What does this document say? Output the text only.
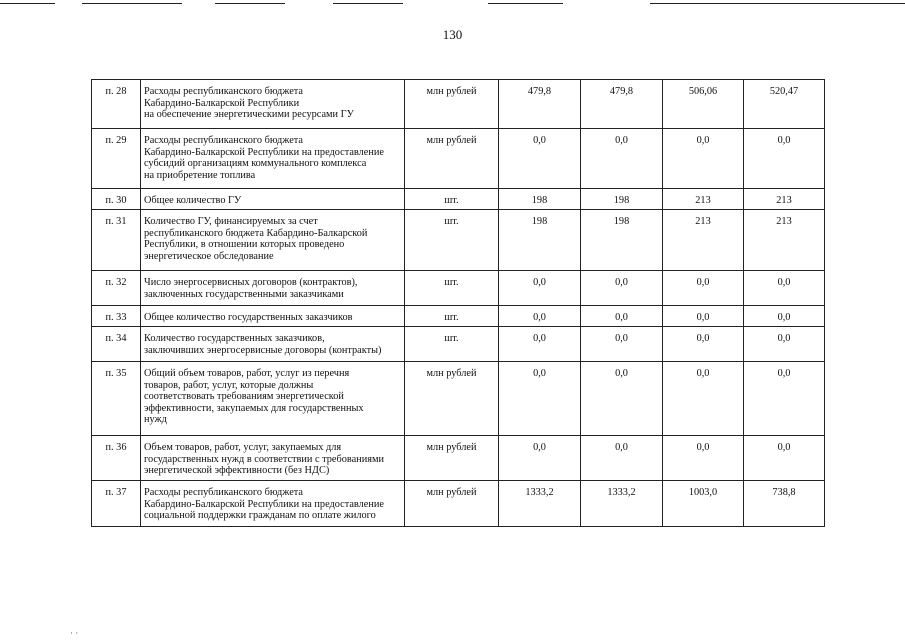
130
п. 28	Расходы республиканского бюджета
Кабардино-Балкарской Республики
на обеспечение энергетическими ресурсами ГУ	млн рублей	479,8	479,8	506,06	520,47
п. 29	Расходы республиканского бюджета
Кабардино-Балкарской Республики на предоставление
субсидий организациям коммунального комплекса
на приобретение топлива	млн рублей	0,0	0,0	0,0	0,0
п. 30	Общее количество ГУ	шт.	198	198	213	213
п. 31	Количество ГУ, финансируемых за счет
республиканского бюджета Кабардино-Балкарской
Республики, в отношении которых проведено
энергетическое обследование	шт.	198	198	213	213
п. 32	Число энергосервисных договоров (контрактов),
заключенных государственными заказчиками	шт.	0,0	0,0	0,0	0,0
п. 33	Общее количество государственных заказчиков	шт.	0,0	0,0	0,0	0,0
п. 34	Количество государственных заказчиков,
заключивших энергосервисные договоры (контракты)	шт.	0,0	0,0	0,0	0,0
п. 35	Общий объем товаров, работ, услуг из перечня
товаров, работ, услуг, которые должны
соответствовать требованиям энергетической
эффективности, закупаемых для государственных
нужд	млн рублей	0,0	0,0	0,0	0,0
п. 36	Объем товаров, работ, услуг, закупаемых для
государственных нужд в соответствии с требованиями
энергетической эффективности (без НДС)	млн рублей	0,0	0,0	0,0	0,0
п. 37	Расходы республиканского бюджета
Кабардино-Балкарской Республики на предоставление
социальной поддержки гражданам по оплате жилого	млн рублей	1333,2	1333,2	1003,0	738,8
· ·
